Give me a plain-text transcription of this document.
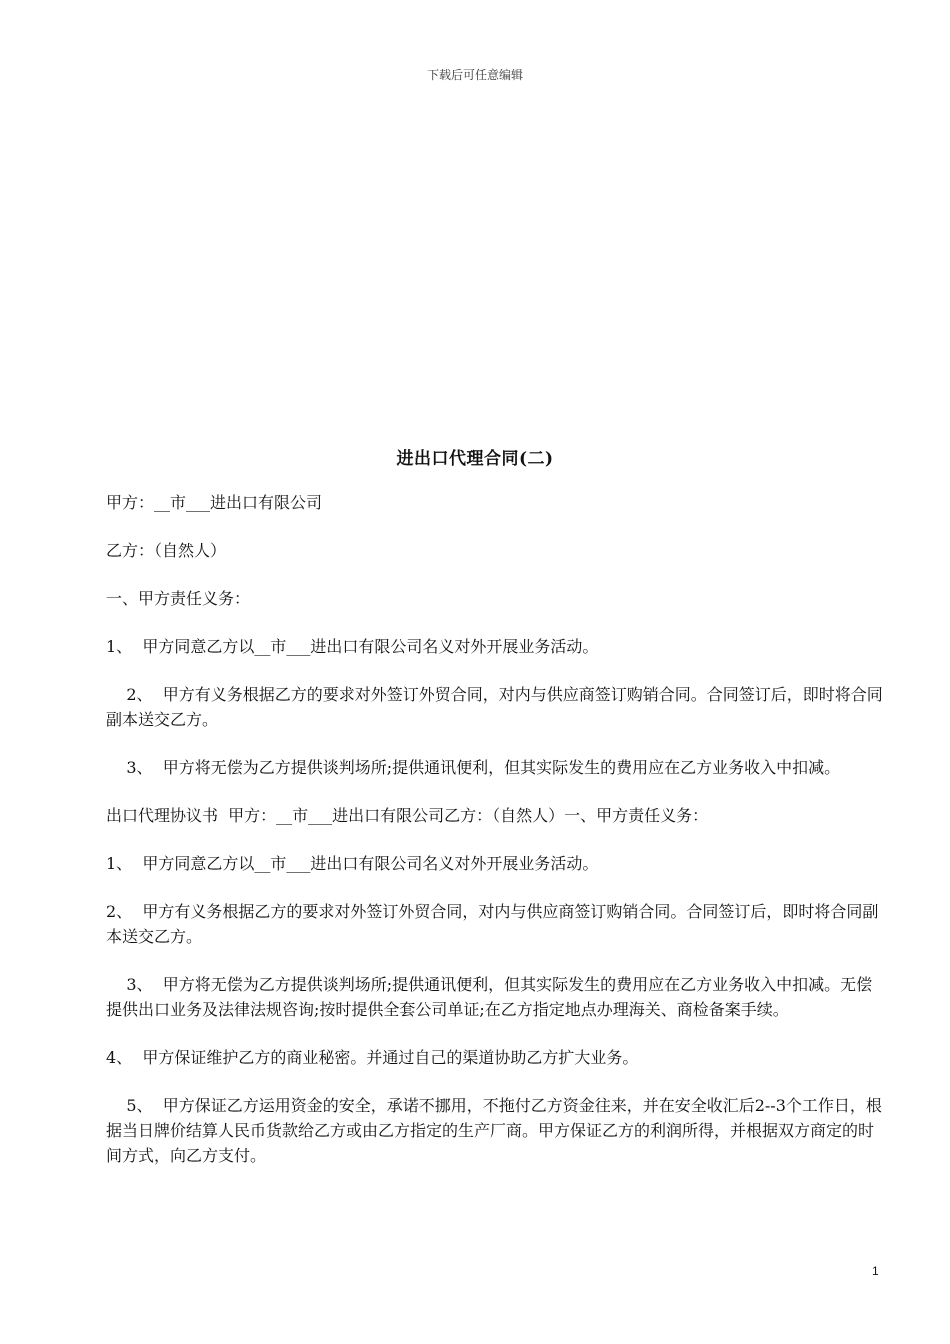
下载后可任意编辑
进出口代理合同(二)

甲方：__市___进出口有限公司

乙方：（自然人）

一、甲方责任义务：

1、  甲方同意乙方以__市___进出口有限公司名义对外开展业务活动。

2、  甲方有义务根据乙方的要求对外签订外贸合同，对内与供应商签订购销合同。合同签订后，即时将合同副本送交乙方。

3、  甲方将无偿为乙方提供谈判场所;提供通讯便利，但其实际发生的费用应在乙方业务收入中扣减。

出口代理协议书  甲方：__市___进出口有限公司乙方：（自然人）一、甲方责任义务：

1、  甲方同意乙方以__市___进出口有限公司名义对外开展业务活动。

2、  甲方有义务根据乙方的要求对外签订外贸合同，对内与供应商签订购销合同。合同签订后，即时将合同副本送交乙方。

3、  甲方将无偿为乙方提供谈判场所;提供通讯便利，但其实际发生的费用应在乙方业务收入中扣减。无偿提供出口业务及法律法规咨询;按时提供全套公司单证;在乙方指定地点办理海关、商检备案手续。

4、  甲方保证维护乙方的商业秘密。并通过自己的渠道协助乙方扩大业务。

5、  甲方保证乙方运用资金的安全，承诺不挪用，不拖付乙方资金往来，并在安全收汇后2--3个工作日，根据当日牌价结算人民币货款给乙方或由乙方指定的生产厂商。甲方保证乙方的利润所得，并根据双方商定的时间方式，向乙方支付。

1
